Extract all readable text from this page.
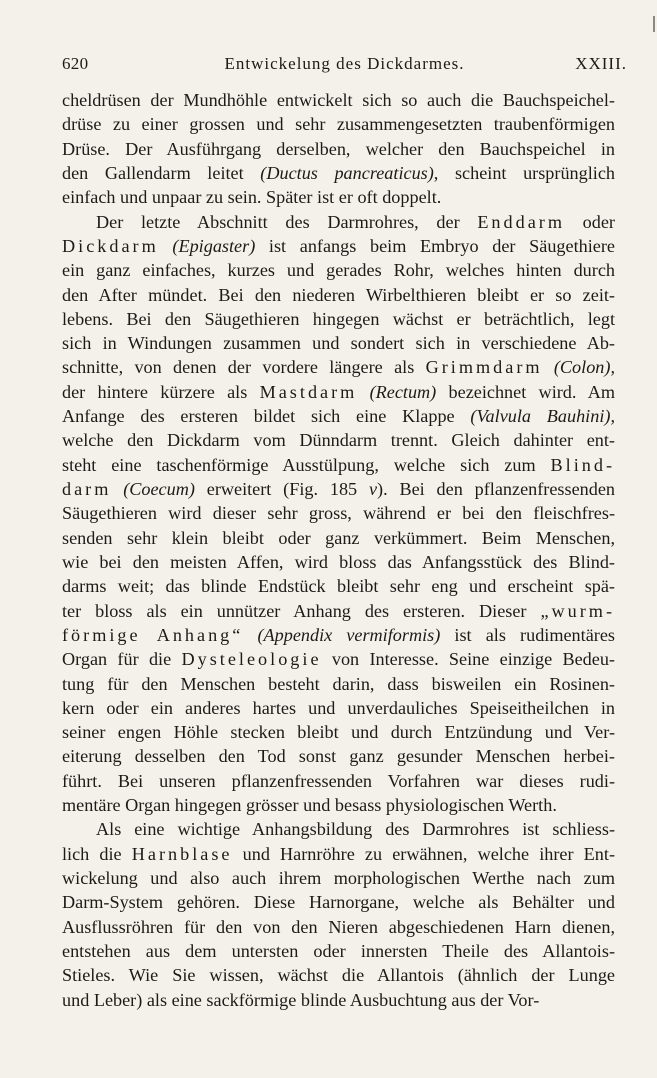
620	Entwickelung des Dickdarmes.	XXIII.
cheldrüsen der Mundhöhle entwickelt sich so auch die Bauchspeichel-
drüse zu einer grossen und sehr zusammengesetzten traubenförmigen
Drüse. Der Ausführgang derselben, welcher den Bauchspeichel in
den Gallendarm leitet (Ductus pancreaticus), scheint ursprünglich
einfach und unpaar zu sein. Später ist er oft doppelt.
Der letzte Abschnitt des Darmrohres, der Enddarm oder
Dickdarm (Epigaster) ist anfangs beim Embryo der Säugethiere
ein ganz einfaches, kurzes und gerades Rohr, welches hinten durch
den After mündet. Bei den niederen Wirbelthieren bleibt er so zeit-
lebens. Bei den Säugethieren hingegen wächst er beträchtlich, legt
sich in Windungen zusammen und sondert sich in verschiedene Ab-
schnitte, von denen der vordere längere als Grimmdarm (Colon),
der hintere kürzere als Mastdarm (Rectum) bezeichnet wird. Am
Anfange des ersteren bildet sich eine Klappe (Valvula Bauhini),
welche den Dickdarm vom Dünndarm trennt. Gleich dahinter ent-
steht eine taschenförmige Ausstülpung, welche sich zum Blind-
darm (Coecum) erweitert (Fig. 185 v). Bei den pflanzenfressenden
Säugethieren wird dieser sehr gross, während er bei den fleischfres-
senden sehr klein bleibt oder ganz verkümmert. Beim Menschen,
wie bei den meisten Affen, wird bloss das Anfangsstück des Blind-
darms weit; das blinde Endstück bleibt sehr eng und erscheint spä-
ter bloss als ein unnützer Anhang des ersteren. Dieser „wurm-
förmige Anhang“ (Appendix vermiformis) ist als rudimentäres
Organ für die Dysteleologie von Interesse. Seine einzige Bedeu-
tung für den Menschen besteht darin, dass bisweilen ein Rosinen-
kern oder ein anderes hartes und unverdauliches Speiseitheilchen in
seiner engen Höhle stecken bleibt und durch Entzündung und Ver-
eiterung desselben den Tod sonst ganz gesunder Menschen herbei-
führt. Bei unseren pflanzenfressenden Vorfahren war dieses rudi-
mentäre Organ hingegen grösser und besass physiologischen Werth.
Als eine wichtige Anhangsbildung des Darmrohres ist schliess-
lich die Harnblase und Harnröhre zu erwähnen, welche ihrer Ent-
wickelung und also auch ihrem morphologischen Werthe nach zum
Darm-System gehören. Diese Harnorgane, welche als Behälter und
Ausflussröhren für den von den Nieren abgeschiedenen Harn dienen,
entstehen aus dem untersten oder innersten Theile des Allantois-
Stieles. Wie Sie wissen, wächst die Allantois (ähnlich der Lunge
und Leber) als eine sackförmige blinde Ausbuchtung aus der Vor-
